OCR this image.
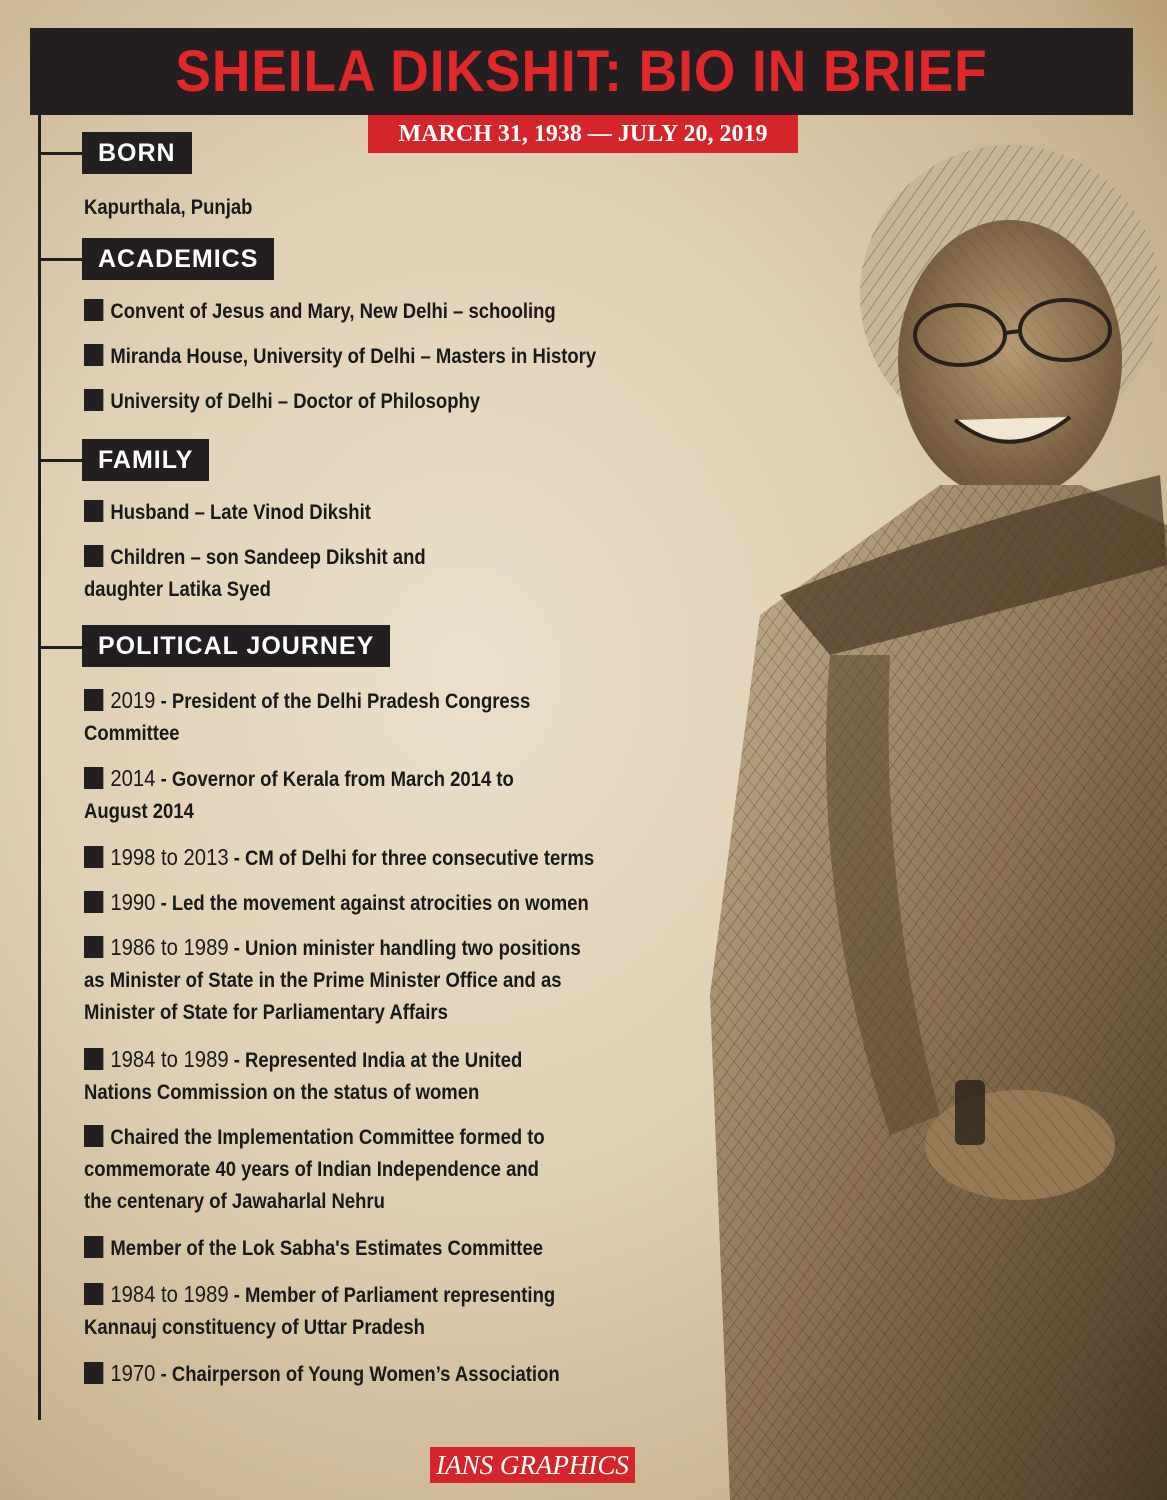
SHEILA DIKSHIT: BIO IN BRIEF
MARCH 31, 1938 — JULY 20, 2019
BORN
Kapurthala, Punjab
ACADEMICS
Convent of Jesus and Mary, New Delhi – schooling
Miranda House, University of Delhi – Masters in History
University of Delhi – Doctor of Philosophy
FAMILY
Husband – Late Vinod Dikshit
Children – son Sandeep Dikshit and
daughter Latika Syed
POLITICAL JOURNEY
2019 - President of the Delhi Pradesh Congress
Committee
2014 - Governor of Kerala from March 2014 to
August 2014
1998 to 2013 - CM of Delhi for three consecutive terms
1990 - Led the movement against atrocities on women
1986 to 1989 - Union minister handling two positions
as Minister of State in the Prime Minister Office and as
Minister of State for Parliamentary Affairs
1984 to 1989 - Represented India at the United
Nations Commission on the status of women
Chaired the Implementation Committee formed to
commemorate 40 years of Indian Independence and
the centenary of Jawaharlal Nehru
Member of the Lok Sabha's Estimates Committee
1984 to 1989 - Member of Parliament representing
Kannauj constituency of Uttar Pradesh
1970 - Chairperson of Young Women’s Association
IANS GRAPHICS
